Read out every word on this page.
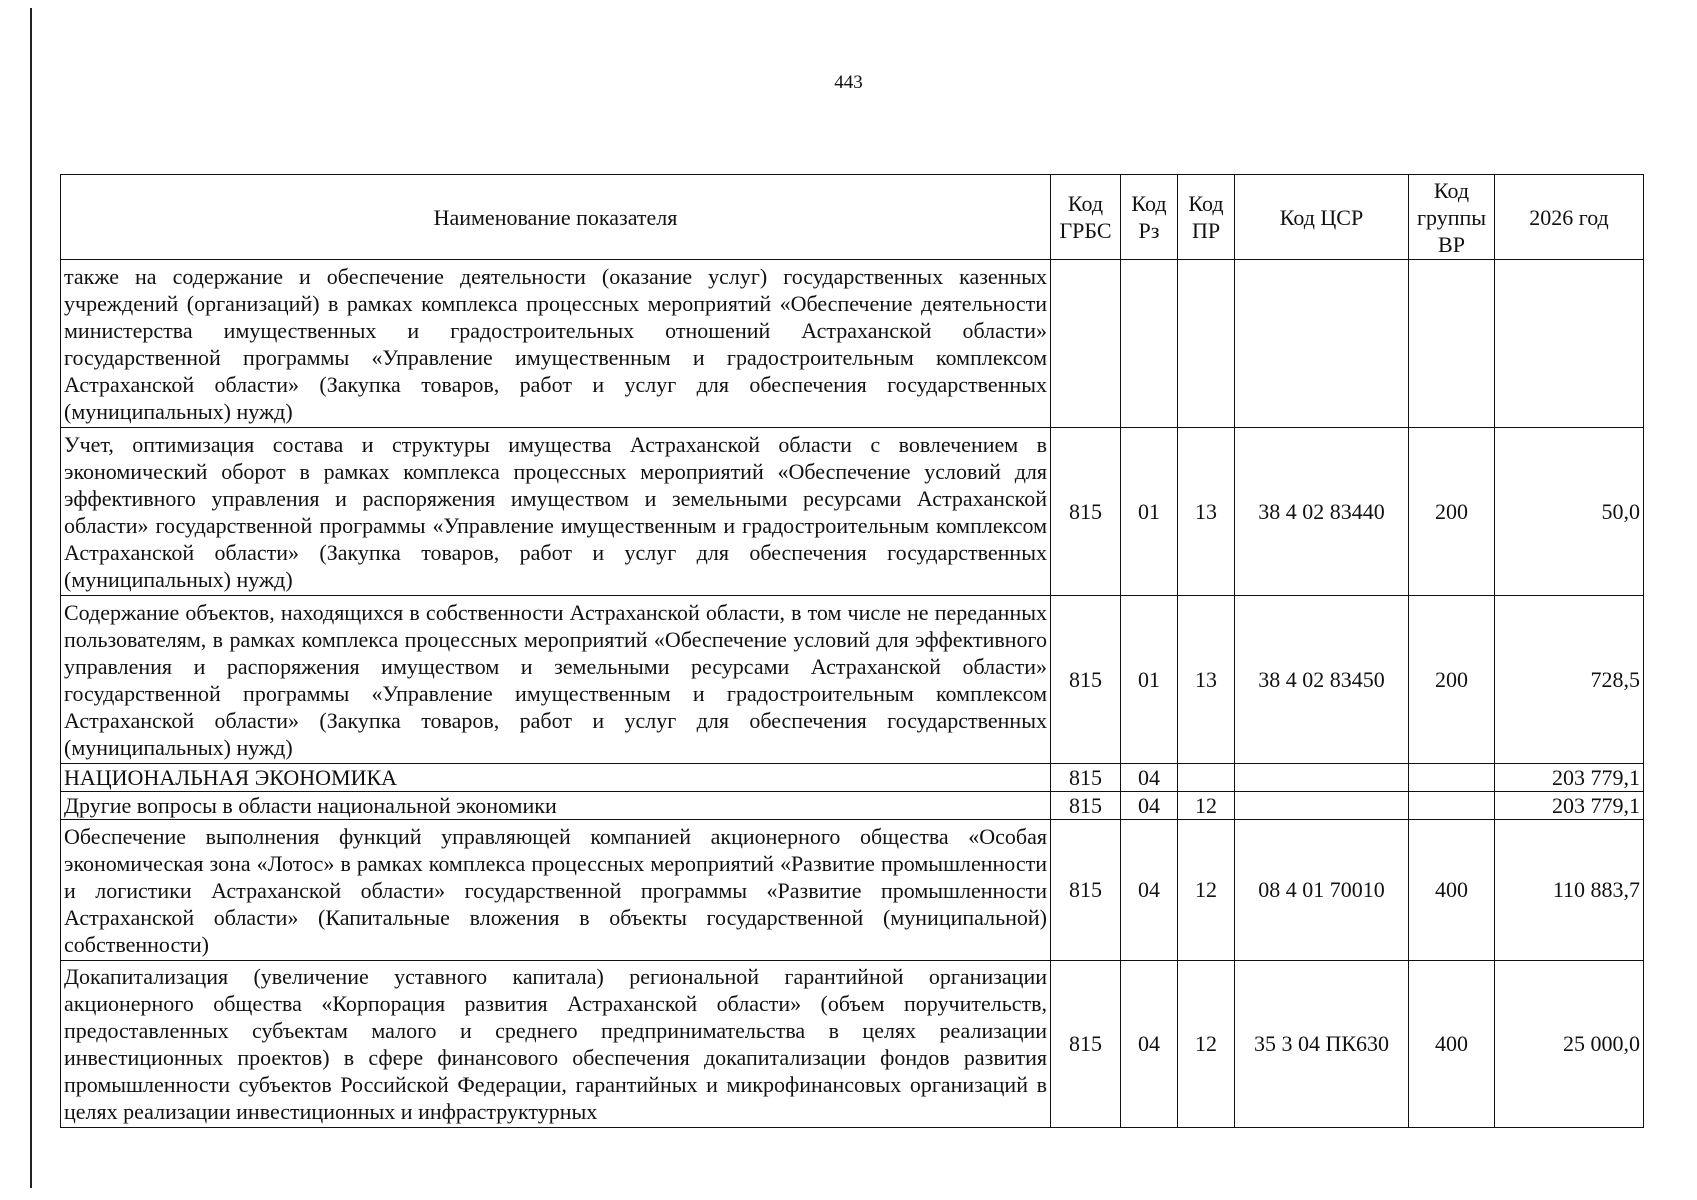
443
Наименование показателя	Код ГРБС	Код Рз	Код ПР	Код ЦСР	Код группы ВР	2026 год
также на содержание и обеспечение деятельности (оказание услуг) государственных казенных учреждений (организаций) в рамках комплекса процессных мероприятий «Обеспечение деятельности министерства имущественных и градостроительных отношений Астраханской области» государственной программы «Управление имущественным и градостроительным комплексом Астраханской области» (Закупка товаров, работ и услуг для обеспечения государственных (муниципальных) нужд)						
Учет, оптимизация состава и структуры имущества Астраханской области с вовлечением в экономический оборот в рамках комплекса процессных мероприятий «Обеспечение условий для эффективного управления и распоряжения имуществом и земельными ресурсами Астраханской области» государственной программы «Управление имущественным и градостроительным комплексом Астраханской области» (Закупка товаров, работ и услуг для обеспечения государственных (муниципальных) нужд)	815	01	13	38 4 02 83440	200	50,0
Содержание объектов, находящихся в собственности Астраханской области, в том числе не переданных пользователям, в рамках комплекса процессных мероприятий «Обеспечение условий для эффективного управления и распоряжения имуществом и земельными ресурсами Астраханской области» государственной программы «Управление имущественным и градостроительным комплексом Астраханской области» (Закупка товаров, работ и услуг для обеспечения государственных (муниципальных) нужд)	815	01	13	38 4 02 83450	200	728,5
НАЦИОНАЛЬНАЯ ЭКОНОМИКА	815	04				203 779,1
Другие вопросы в области национальной экономики	815	04	12			203 779,1
Обеспечение выполнения функций управляющей компанией акционерного общества «Особая экономическая зона «Лотос» в рамках комплекса процессных мероприятий «Развитие промышленности и логистики Астраханской области» государственной программы «Развитие промышленности Астраханской области» (Капитальные вложения в объекты государственной (муниципальной) собственности)	815	04	12	08 4 01 70010	400	110 883,7
Докапитализация (увеличение уставного капитала) региональной гарантийной организации акционерного общества «Корпорация развития Астраханской области» (объем поручительств, предоставленных субъектам малого и среднего предпринимательства в целях реализации инвестиционных проектов) в сфере финансового обеспечения докапитализации фондов развития промышленности субъектов Российской Федерации, гарантийных и микрофинансовых организаций в целях реализации инвестиционных и инфраструктурных	815	04	12	35 3 04 ПК630	400	25 000,0
